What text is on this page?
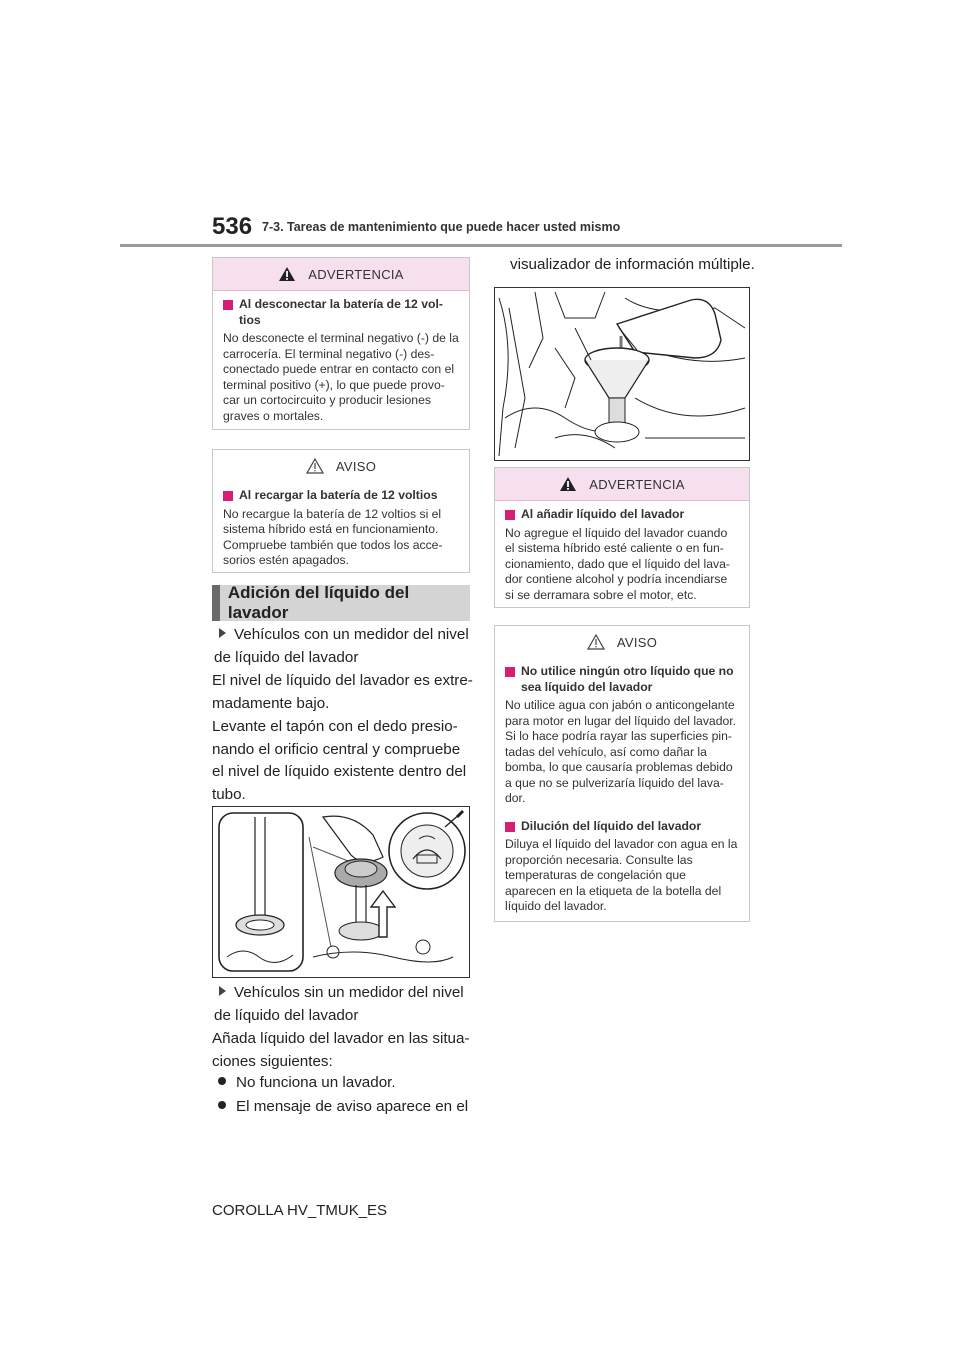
536 7-3. Tareas de mantenimiento que puede hacer usted mismo
ADVERTENCIA
Al desconectar la batería de 12 vol-tios
No desconecte el terminal negativo (-) de la carrocería. El terminal negativo (-) des-conectado puede entrar en contacto con el terminal positivo (+), lo que puede provo-car un cortocircuito y producir lesiones graves o mortales.
AVISO
Al recargar la batería de 12 voltios
No recargue la batería de 12 voltios si el sistema híbrido está en funcionamiento. Compruebe también que todos los acce-sorios estén apagados.
Adición del líquido del lavador
Vehículos con un medidor del nivel de líquido del lavador
El nivel de líquido del lavador es extre-madamente bajo.
Levante el tapón con el dedo presio-nando el orificio central y compruebe el nivel de líquido existente dentro del tubo.
Vehículos sin un medidor del nivel de líquido del lavador
Añada líquido del lavador en las situa-ciones siguientes:
No funciona un lavador.
El mensaje de aviso aparece en el
visualizador de información múltiple.
ADVERTENCIA
Al añadir líquido del lavador
No agregue el líquido del lavador cuando el sistema híbrido esté caliente o en fun-cionamiento, dado que el líquido del lava-dor contiene alcohol y podría incendiarse si se derramara sobre el motor, etc.
AVISO
No utilice ningún otro líquido que no sea líquido del lavador
No utilice agua con jabón o anticongelante para motor en lugar del líquido del lavador. Si lo hace podría rayar las superficies pin-tadas del vehículo, así como dañar la bomba, lo que causaría problemas debido a que no se pulverizaría líquido del lava-dor.
Dilución del líquido del lavador
Diluya el líquido del lavador con agua en la proporción necesaria. Consulte las temperaturas de congelación que aparecen en la etiqueta de la botella del líquido del lavador.
COROLLA HV_TMUK_ES
